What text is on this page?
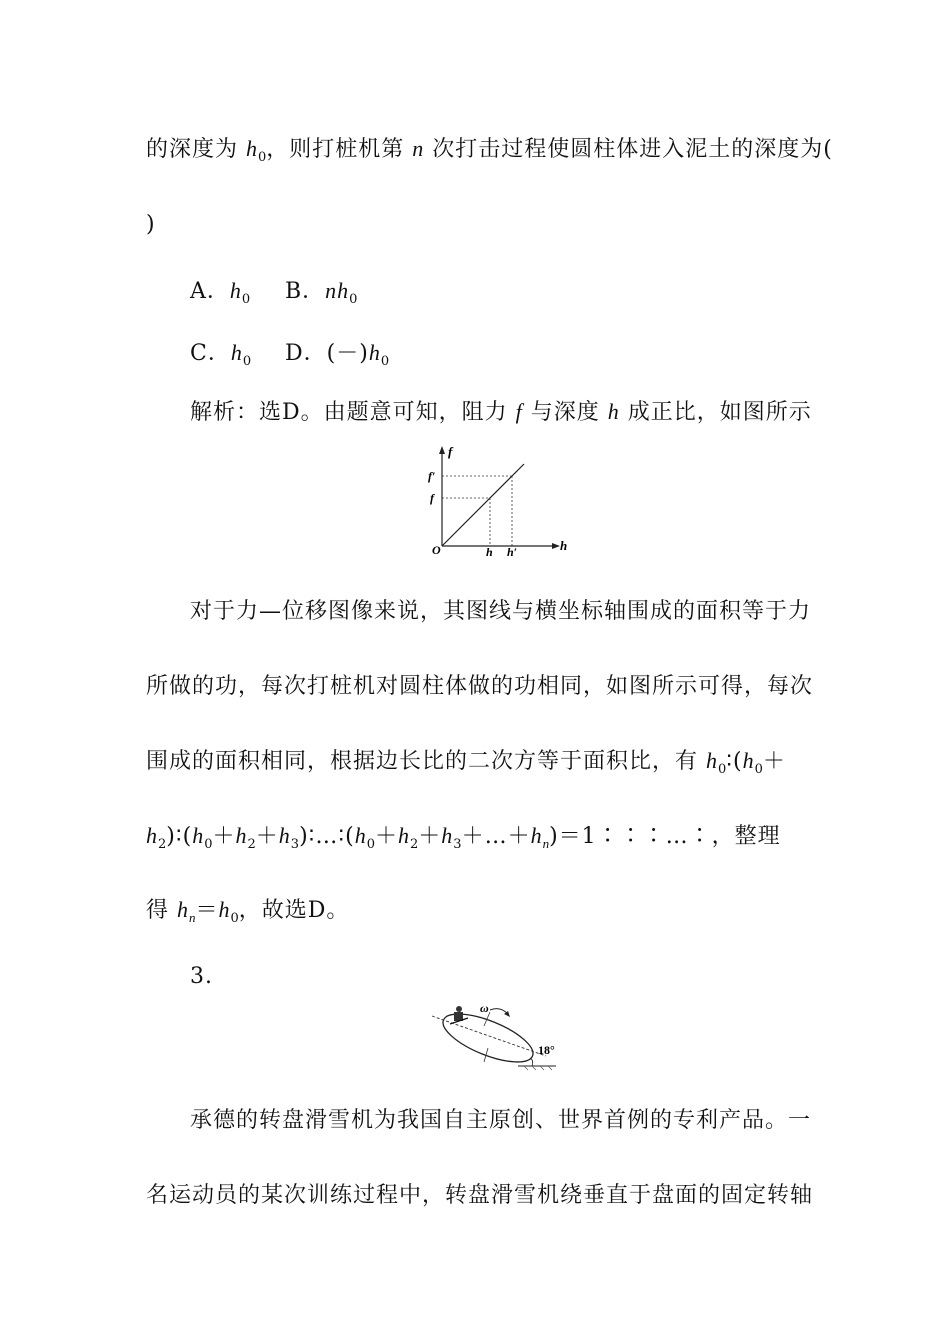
的深度为 $h_0$，则打桩机第 n 次打击过程使圆柱体进入泥土的深度为(
)
A．$h_0$ B．$nh_0$
C．$h_0$ D．$(-)h_0$
解析：选D。由题意可知，阻力 f 与深度 h 成正比，如图所示
f
f′
f
O	h h′	h
对于力—位移图像来说，其图线与横坐标轴围成的面积等于力
所做的功，每次打桩机对圆柱体做的功相同，如图所示可得，每次
围成的面积相同，根据边长比的二次方等于面积比，有 $h_0∶(h_0+$
$h_2)∶(h_0+h_2+h_3)∶\dots∶(h_0+h_2+h_3+\dots+h_n)=1∶∶∶\dots∶$，整理
得 $h_n=h_0$，故选D。
3.
ω
18°
承德的转盘滑雪机为我国自主原创、世界首例的专利产品。一
名运动员的某次训练过程中，转盘滑雪机绕垂直于盘面的固定转轴
